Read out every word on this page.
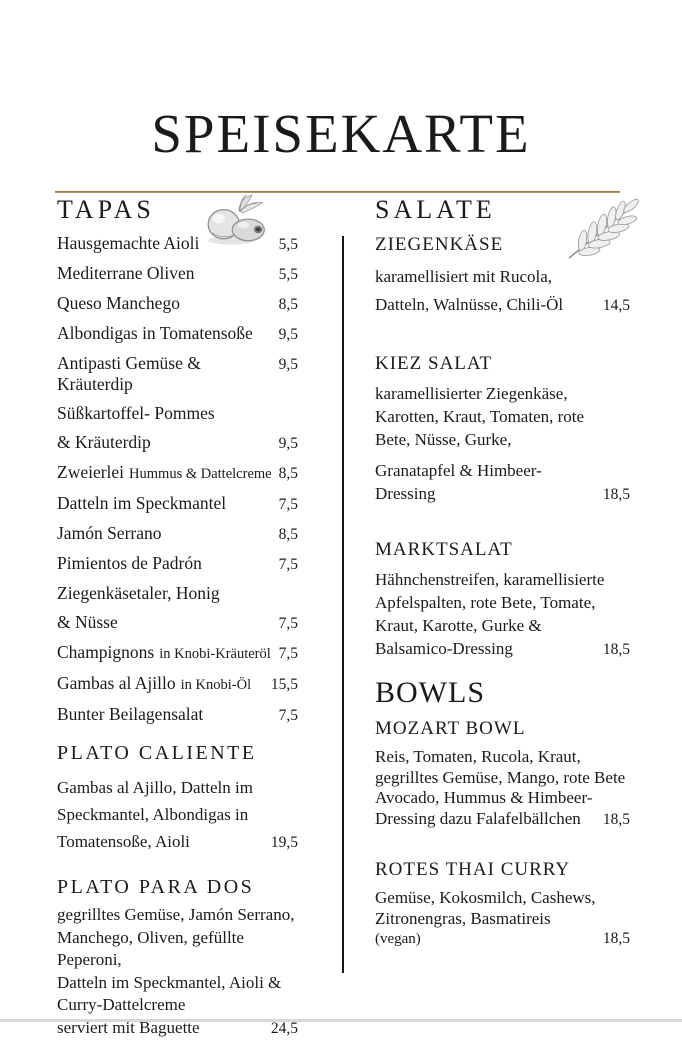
SPEISEKARTE
TAPAS
Hausgemachte Aioli	5,5
Mediterrane Oliven	5,5
Queso Manchego	8,5
Albondigas in Tomatensoße 9,5
Antipasti Gemüse & Kräuterdip
9,5
Süßkartoffel- Pommes
& Kräuterdip	9,5
Zweierlei Hummus & Dattelcreme 8,5
Datteln im Speckmantel	7,5
Jamón Serrano	8,5
Pimientos de Padrón	7,5
Ziegenkäsetaler, Honig
& Nüsse	7,5
Champignons in Knobi-Kräuteröl 7,5
Gambas al Ajillo in Knobi-Öl 15,5
Bunter Beilagensalat	7,5
PLATO CALIENTE
Gambas al Ajillo, Datteln im
Speckmantel, Albondigas in
Tomatensoße, Aioli	19,5
PLATO PARA DOS
gegrilltes Gemüse, Jamón Serrano,
Manchego, Oliven, gefüllte Peperoni,
Datteln im Speckmantel, Aioli &
Curry-Dattelcreme
serviert mit Baguette	24,5
SALATE
ZIEGENKÄSE
karamellisiert mit Rucola,
Datteln, Walnüsse, Chili-Öl	14,5
KIEZ SALAT
karamellisierter Ziegenkäse,
Karotten, Kraut, Tomaten, rote
Bete, Nüsse, Gurke,
Granatapfel & Himbeer-
Dressing	18,5
MARKTSALAT
Hähnchenstreifen, karamellisierte
Apfelspalten, rote Bete, Tomate,
Kraut, Karotte, Gurke &
Balsamico-Dressing	18,5
BOWLS
MOZART BOWL
Reis, Tomaten, Rucola, Kraut,
gegrilltes Gemüse, Mango, rote Bete
Avocado, Hummus & Himbeer-
Dressing dazu Falafelbällchen 18,5
ROTES THAI CURRY
Gemüse, Kokosmilch, Cashews,
Zitronengras, Basmatireis
(vegan)	18,5
